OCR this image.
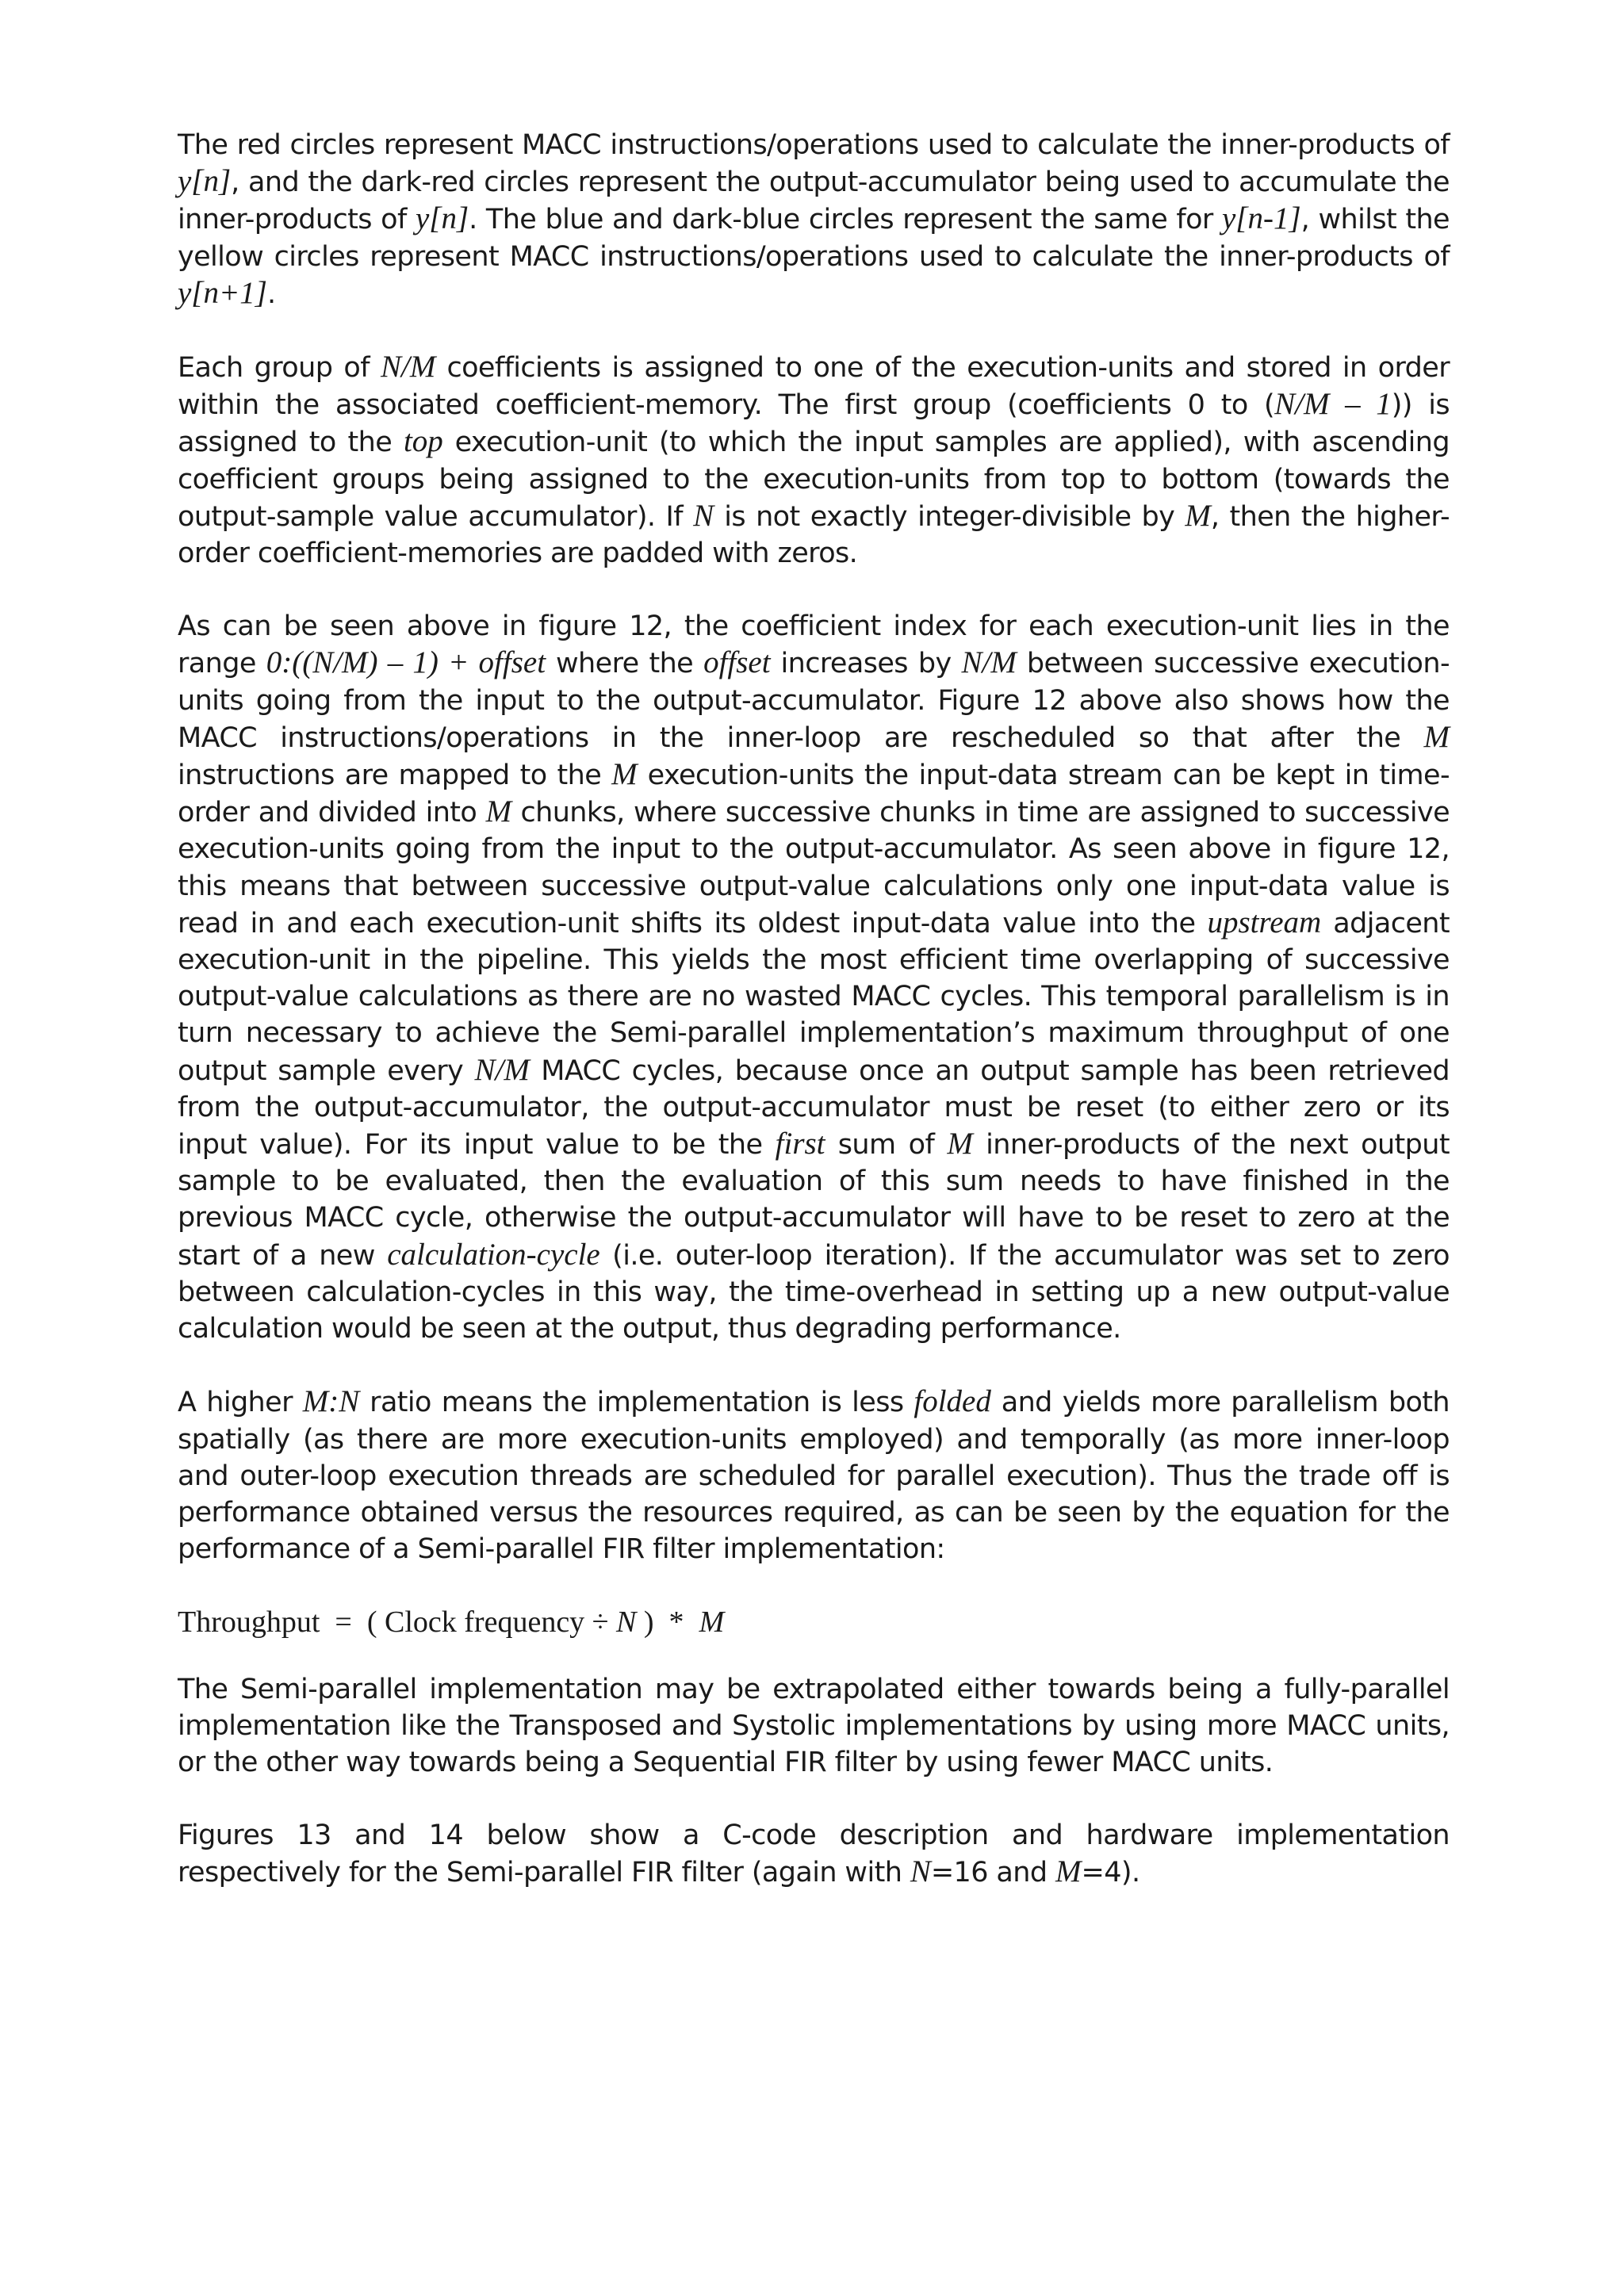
The red circles represent MACC instructions/operations used to calculate the inner-products of y[n], and the dark-red circles represent the output-accumulator being used to accumulate the inner-products of y[n]. The blue and dark-blue circles represent the same for y[n-1], whilst the yellow circles represent MACC instructions/operations used to calculate the inner-products of y[n+1].

Each group of N/M coefficients is assigned to one of the execution-units and stored in order within the associated coefficient-memory. The first group (coefficients 0 to (N/M – 1)) is assigned to the top execution-unit (to which the input samples are applied), with ascending coefficient groups being assigned to the execution-units from top to bottom (towards the output-sample value accumulator). If N is not exactly integer-divisible by M, then the higher-order coefficient-memories are padded with zeros.

As can be seen above in figure 12, the coefficient index for each execution-unit lies in the range 0:((N/M) – 1) + offset where the offset increases by N/M between successive execution-units going from the input to the output-accumulator. Figure 12 above also shows how the MACC instructions/operations in the inner-loop are rescheduled so that after the M instructions are mapped to the M execution-units the input-data stream can be kept in time-order and divided into M chunks, where successive chunks in time are assigned to successive execution-units going from the input to the output-accumulator. As seen above in figure 12, this means that between successive output-value calculations only one input-data value is read in and each execution-unit shifts its oldest input-data value into the upstream adjacent execution-unit in the pipeline. This yields the most efficient time overlapping of successive output-value calculations as there are no wasted MACC cycles. This temporal parallelism is in turn necessary to achieve the Semi-parallel implementation’s maximum throughput of one output sample every N/M MACC cycles, because once an output sample has been retrieved from the output-accumulator, the output-accumulator must be reset (to either zero or its input value). For its input value to be the first sum of M inner-products of the next output sample to be evaluated, then the evaluation of this sum needs to have finished in the previous MACC cycle, otherwise the output-accumulator will have to be reset to zero at the start of a new calculation-cycle (i.e. outer-loop iteration). If the accumulator was set to zero between calculation-cycles in this way, the time-overhead in setting up a new output-value calculation would be seen at the output, thus degrading performance.

A higher M:N ratio means the implementation is less folded and yields more parallelism both spatially (as there are more execution-units employed) and temporally (as more inner-loop and outer-loop execution threads are scheduled for parallel execution). Thus the trade off is performance obtained versus the resources required, as can be seen by the equation for the performance of a Semi-parallel FIR filter implementation:

Throughput  =  ( Clock frequency ÷ N )  *  M

The Semi-parallel implementation may be extrapolated either towards being a fully-parallel implementation like the Transposed and Systolic implementations by using more MACC units, or the other way towards being a Sequential FIR filter by using fewer MACC units.

Figures 13 and 14 below show a C-code description and hardware implementation respectively for the Semi-parallel FIR filter (again with N=16 and M=4).
